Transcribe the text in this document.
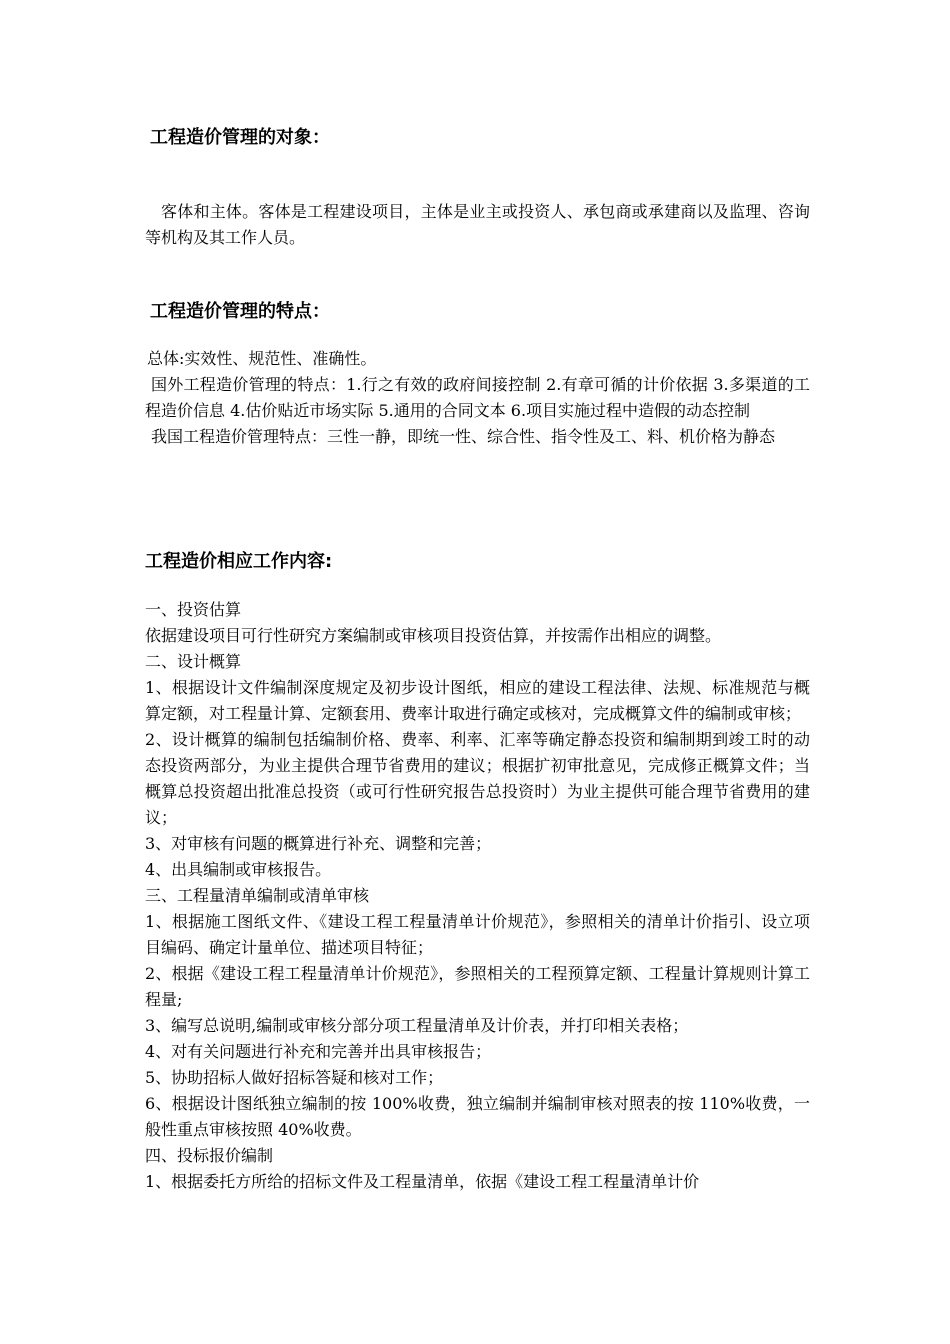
工程造价管理的对象：

客体和主体。客体是工程建设项目，主体是业主或投资人、承包商或承建商以及监理、咨询等机构及其工作人员。

工程造价管理的特点：

总体:实效性、规范性、准确性。

国外工程造价管理的特点：1.行之有效的政府间接控制 2.有章可循的计价依据 3.多渠道的工程造价信息 4.估价贴近市场实际 5.通用的合同文本 6.项目实施过程中造假的动态控制

我国工程造价管理特点：三性一静，即统一性、综合性、指令性及工、料、机价格为静态

工程造价相应工作内容:

一、投资估算

依据建设项目可行性研究方案编制或审核项目投资估算，并按需作出相应的调整。

二、设计概算

1、根据设计文件编制深度规定及初步设计图纸，相应的建设工程法律、法规、标准规范与概算定额，对工程量计算、定额套用、费率计取进行确定或核对，完成概算文件的编制或审核；

2、设计概算的编制包括编制价格、费率、利率、汇率等确定静态投资和编制期到竣工时的动态投资两部分，为业主提供合理节省费用的建议；根据扩初审批意见，完成修正概算文件；当概算总投资超出批准总投资（或可行性研究报告总投资时）为业主提供可能合理节省费用的建议；

3、对审核有问题的概算进行补充、调整和完善；

4、出具编制或审核报告。

三、工程量清单编制或清单审核

1、根据施工图纸文件、《建设工程工程量清单计价规范》，参照相关的清单计价指引、设立项目编码、确定计量单位、描述项目特征；

2、根据《建设工程工程量清单计价规范》，参照相关的工程预算定额、工程量计算规则计算工程量;

3、编写总说明,编制或审核分部分项工程量清单及计价表，并打印相关表格；

4、对有关问题进行补充和完善并出具审核报告；

5、协助招标人做好招标答疑和核对工作；

6、根据设计图纸独立编制的按 100%收费，独立编制并编制审核对照表的按 110%收费，一般性重点审核按照 40%收费。

四、投标报价编制

1、根据委托方所给的招标文件及工程量清单，依据《建设工程工程量清单计价
